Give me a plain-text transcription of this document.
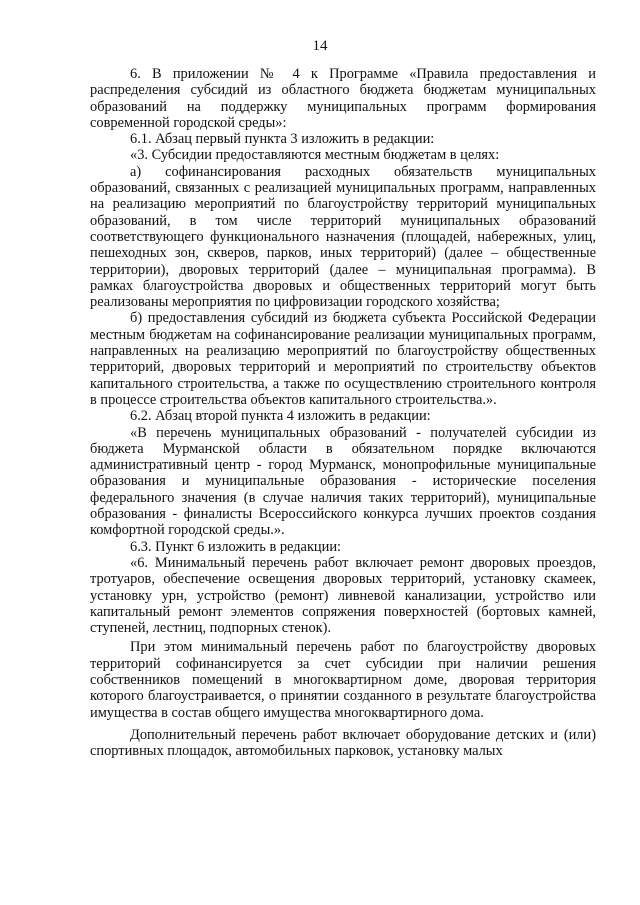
14

6. В приложении № 4 к Программе «Правила предоставления и распределения субсидий из областного бюджета бюджетам муниципальных образований на поддержку муниципальных программ формирования современной городской среды»:

6.1. Абзац первый пункта 3 изложить в редакции:

«3. Субсидии предоставляются местным бюджетам в целях:

а) софинансирования расходных обязательств муниципальных образований, связанных с реализацией муниципальных программ, направленных на реализацию мероприятий по благоустройству территорий муниципальных образований, в том числе территорий муниципальных образований соответствующего функционального назначения (площадей, набережных, улиц, пешеходных зон, скверов, парков, иных территорий) (далее – общественные территории), дворовых территорий (далее – муниципальная программа). В рамках благоустройства дворовых и общественных территорий могут быть реализованы мероприятия по цифровизации городского хозяйства;

б) предоставления субсидий из бюджета субъекта Российской Федерации местным бюджетам на софинансирование реализации муниципальных программ, направленных на реализацию мероприятий по благоустройству общественных территорий, дворовых территорий и мероприятий по строительству объектов капитального строительства, а также по осуществлению строительного контроля в процессе строительства объектов капитального строительства.».

6.2. Абзац второй пункта 4 изложить в редакции:

«В перечень муниципальных образований - получателей субсидии из бюджета Мурманской области в обязательном порядке включаются административный центр - город Мурманск, монопрофильные муниципальные образования и муниципальные образования - исторические поселения федерального значения (в случае наличия таких территорий), муниципальные образования - финалисты Всероссийского конкурса лучших проектов создания комфортной городской среды.».

6.3. Пункт 6 изложить в редакции:

«6. Минимальный перечень работ включает ремонт дворовых проездов, тротуаров, обеспечение освещения дворовых территорий, установку скамеек, установку урн, устройство (ремонт) ливневой канализации, устройство или капитальный ремонт элементов сопряжения поверхностей (бортовых камней, ступеней, лестниц, подпорных стенок).

При этом минимальный перечень работ по благоустройству дворовых территорий софинансируется за счет субсидии при наличии решения собственников помещений в многоквартирном доме, дворовая территория которого благоустраивается, о принятии созданного в результате благоустройства имущества в состав общего имущества многоквартирного дома.

Дополнительный перечень работ включает оборудование детских и (или) спортивных площадок, автомобильных парковок, установку малых
